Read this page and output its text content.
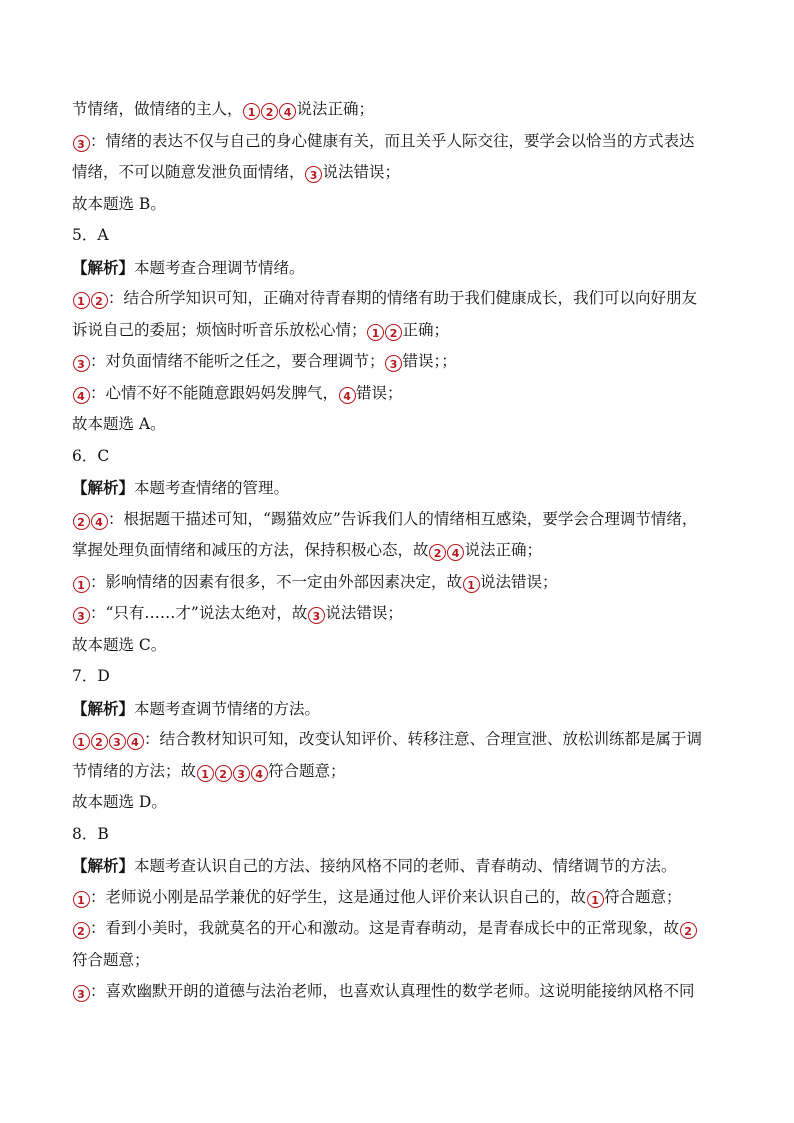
节情绪，做情绪的主人， 1 2 4 说法正确；
3 ：情绪的表达不仅与自己的身心健康有关，而且关乎人际交往，要学会以恰当的方式表达
情绪，不可以随意发泄负面情绪， 3 说法错误；
故本题选 B。
5．A
【解析】本题考查合理调节情绪。
1 2 ：结合所学知识可知，正确对待青春期的情绪有助于我们健康成长，我们可以向好朋友
诉说自己的委屈；烦恼时听音乐放松心情； 1 2 正确；
3 ：对负面情绪不能听之任之，要合理调节； 3 错误；；
4 ：心情不好不能随意跟妈妈发脾气， 4 错误；
故本题选 A。
6．C
【解析】本题考查情绪的管理。
2 4 ：根据题干描述可知，“踢猫效应”告诉我们人的情绪相互感染，要学会合理调节情绪，
掌握处理负面情绪和减压的方法，保持积极心态，故 2 4 说法正确；
1 ：影响情绪的因素有很多，不一定由外部因素决定，故 1 说法错误；
3 ：“只有……才”说法太绝对，故 3 说法错误；
故本题选 C。
7．D
【解析】本题考查调节情绪的方法。
1 2 3 4 ：结合教材知识可知，改变认知评价、转移注意、合理宣泄、放松训练都是属于调
节情绪的方法；故 1 2 3 4 符合题意；
故本题选 D。
8．B
【解析】本题考查认识自己的方法、接纳风格不同的老师、青春萌动、情绪调节的方法。
1 ：老师说小刚是品学兼优的好学生，这是通过他人评价来认识自己的，故 1 符合题意；
2 ：看到小美时，我就莫名的开心和激动。这是青春萌动，是青春成长中的正常现象，故 2
符合题意；
3 ：喜欢幽默开朗的道德与法治老师，也喜欢认真理性的数学老师。这说明能接纳风格不同
